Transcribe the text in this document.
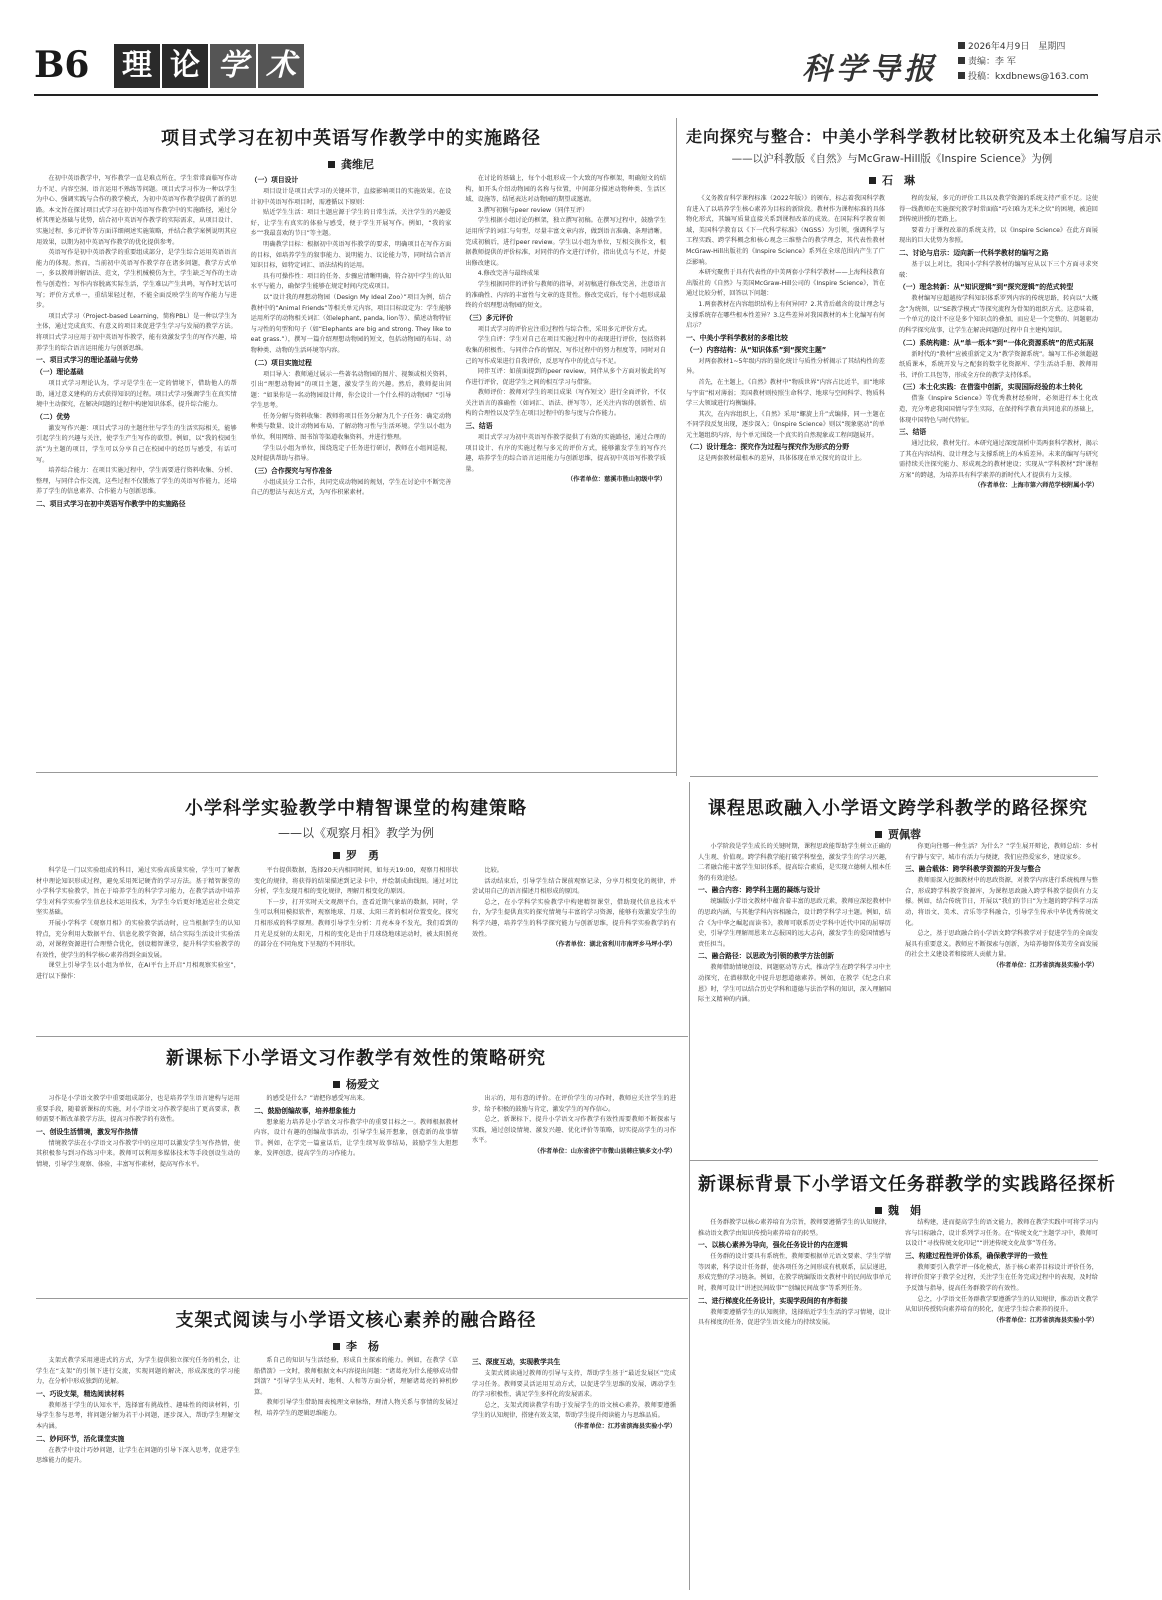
B6 理 论 学 术	科学导报
2026年4月9日　星期四
责编：李 军
投稿：kxdbnews@163.com
项目式学习在初中英语写作教学中的实施路径
龚维尼

在初中英语教学中，写作教学一直是难点所在，学生常常面临写作动力不足、内容空洞、语言运用不熟练等问题。项目式学习作为一种以学生为中心、强调实践与合作的教学模式，为初中英语写作教学提供了新的思路。本文旨在探讨项目式学习在初中英语写作教学中的实施路径，通过分析其理论基础与优势，结合初中英语写作教学的实际需求，从项目设计、实施过程、多元评价等方面详细阐述实施策略，并结合教学案例说明其应用效果，以期为初中英语写作教学的优化提供参考。

英语写作是初中英语教学的重要组成部分，是学生综合运用英语语言能力的体现。然而，当前初中英语写作教学存在诸多问题，教学方式单一，多以教师讲解语法、范文，学生机械模仿为主，学生缺乏写作的主动性与创造性；写作内容脱离实际生活，学生难以产生共鸣，写作时无话可写；评价方式单一，重结果轻过程，不能全面反映学生的写作能力与进步。

项目式学习（Project-based Learning，简称PBL）是一种以学生为主体，通过完成真实、有意义的项目来促进学生学习与发展的教学方法。将项目式学习应用于初中英语写作教学，能有效激发学生的写作兴趣，培养学生的综合语言运用能力与创新思维。

一、项目式学习的理论基础与优势
（一）理论基础

项目式学习理论认为，学习是学生在一定的情境下，借助他人的帮助，通过意义建构的方式获得知识的过程。项目式学习强调学生在真实情境中主动探究，在解决问题的过程中构建知识体系，提升综合能力。

（二）优势

激发写作兴趣：项目式学习的主题往往与学生的生活实际相关，能够引起学生的兴趣与关注，使学生产生写作的欲望。例如，以“我的校园生活”为主题的项目，学生可以分享自己在校园中的经历与感受，有话可写。

培养综合能力：在项目实施过程中，学生需要进行资料收集、分析、整理，与同伴合作交流，这些过程不仅锻炼了学生的英语写作能力，还培养了学生的信息素养、合作能力与创新思维。

二、项目式学习在初中英语写作教学中的实施路径
（一）项目设计

项目设计是项目式学习的关键环节，直接影响项目的实施效果。在设计初中英语写作项目时，需遵循以下原则：

贴近学生生活：项目主题应源于学生的日常生活，关注学生的兴趣爱好，让学生有真实的体验与感受，便于学生开展写作。例如，“我的家乡”“我最喜欢的节日”等主题。

明确教学目标：根据初中英语写作教学的要求，明确项目在写作方面的目标，如培养学生的叙事能力、说明能力、议论能力等，同时结合语言知识目标，如特定词汇、语法结构的运用。

具有可操作性：项目的任务、步骤应清晰明确，符合初中学生的认知水平与能力，确保学生能够在规定时间内完成项目。

以“设计我的理想动物园（Design My Ideal Zoo）”项目为例，结合教材中的“Animal Friends”等相关单元内容，项目目标设定为：学生能够运用所学的动物相关词汇（如elephant, panda, lion等）、描述动物特征与习性的句型和句子（如“Elephants are big and strong. They like to eat grass.”），撰写一篇介绍理想动物园的短文，包括动物园的布局、动物种类、动物的生活环境等内容。

（二）项目实施过程

项目导入：教师通过展示一些著名动物园的图片、视频或相关资料，引出“理想动物园”的项目主题，激发学生的兴趣。然后，教师提出问题：“如果你是一名动物园设计师，你会设计一个什么样的动物园？”引导学生思考。

任务分解与资料收集：教师将项目任务分解为几个子任务：确定动物种类与数量、设计动物园布局、了解动物习性与生活环境。学生以小组为单位，利用网络、图书馆等渠道收集资料，并进行整理。

学生以小组为单位，围绕选定子任务进行研讨，教师在小组间巡视，及时提供帮助与指导。

（三）合作探究与写作准备

小组成员分工合作，共同完成动物园的规划，学生在讨论中不断完善自己的想法与表达方式，为写作积累素材。

在讨论的基础上，每个小组形成一个大致的写作框架，明确短文的结构，如开头介绍动物园的名称与位置，中间部分描述动物种类、生活区域、设施等，结尾表达对动物园的期望或邀请。

3.撰写初稿与peer review（同伴互评）

学生根据小组讨论的框架，独立撰写初稿。在撰写过程中，鼓励学生运用所学的词汇与句型，尽量丰富文章内容，做到语言准确、条理清晰。完成初稿后，进行peer review。学生以小组为单位，互相交换作文，根据教师提供的评价标准，对同伴的作文进行评价，指出优点与不足，并提出修改建议。

4.修改完善与最终成果

学生根据同伴的评价与教师的指导，对初稿进行修改完善，注意语言的准确性、内容的丰富性与文章的连贯性。修改完成后，每个小组形成最终的介绍理想动物园的短文。

（三）多元评价

项目式学习的评价应注重过程性与综合性，采用多元评价方式。

学生自评：学生对自己在项目实施过程中的表现进行评价，包括资料收集的积极性、与同伴合作的情况、写作过程中的努力程度等，同时对自己的写作成果进行自我评价，反思写作中的优点与不足。

同伴互评：如前面提到的peer review，同伴从多个方面对彼此的写作进行评价，促进学生之间的相互学习与借鉴。

教师评价：教师对学生的项目成果（写作短文）进行全面评价，不仅关注语言的准确性（如词汇、语法、拼写等），还关注内容的创新性、结构的合理性以及学生在项目过程中的参与度与合作能力。

三、结语

项目式学习为初中英语写作教学提供了有效的实施路径，通过合理的项目设计、有序的实施过程与多元的评价方式，能够激发学生的写作兴趣，培养学生的综合语言运用能力与创新思维，提高初中英语写作教学质量。

（作者单位：慈溪市胜山初级中学）

走向探究与整合：中美小学科学教材比较研究及本土化编写启示
——以沪科教版《自然》与McGraw-Hill版《Inspire Science》为例
石　琳

《义务教育科学课程标准（2022年版）》的颁布，标志着我国科学教育进入了以培养学生核心素养为目标的新阶段。教材作为课程标准的具体物化形式，其编写质量直接关系到课程改革的成效。在国际科学教育领域，美国科学教育以《下一代科学标准》（NGSS）为引领，强调科学与工程实践、跨学科概念和核心观念三维整合的教学理念，其代表性教材McGraw-Hill出版社的《Inspire Science》系列在全球范围内产生了广泛影响。

本研究聚焦于具有代表性的中美两套小学科学教材——上海科技教育出版社的《自然》与美国McGraw-Hill公司的《Inspire Science》，旨在通过比较分析，回答以下问题：

1.两套教材在内容组织结构上有何异同？2.其背后蕴含的设计理念与支撑系统存在哪些根本性差异？3.这些差异对我国教材的本土化编写有何启示？

一、中美小学科学教材的多维比较
（一）内容结构：从“知识体系”到“探究主题”

对两套教材1~5年级内容的量化统计与质性分析揭示了其结构性的差异。

首先，在主题上，《自然》教材中“物质世界”内容占比近半，而“地球与宇宙”相对薄弱；美国教材则按照生命科学、地球与空间科学、物质科学三大领域进行均衡编排。

其次，在内容组织上，《自然》采用“螺旋上升”式编排，同一主题在不同学段反复出现，逐步深入；《Inspire Science》则以“现象驱动”的单元主题组织内容，每个单元围绕一个真实的自然现象或工程问题展开。

（二）设计理念：探究作为过程与探究作为形式的分野

这是两套教材最根本的差异，具体体现在单元探究的设计上。

程的发展，多元的评价工具以及教学资源的系统支持严重不足。这使得一线教师在实施探究教学时常面临“巧妇难为无米之炊”的困境，被迫回到传统讲授的老路上。

要着力于课程改革的系统支持，以《Inspire Science》在此方面展现出的巨大优势为参照。

二、讨论与启示：迈向新一代科学教材的编写之路

基于以上对比，我国小学科学教材的编写应从以下三个方面寻求突破：

（一）理念转新：从“知识逻辑”到“探究逻辑”的范式转型

教材编写应超越按学科知识体系罗列内容的传统思路，转向以“大概念”为统领，以“SE教学模式”等探究流程为骨架的组织方式。这意味着，一个单元的设计不应是多个知识点的叠加，而应是一个完整的、问题驱动的科学探究故事，让学生在解决问题的过程中自主建构知识。

（二）系统构建：从“单一纸本”到“一体化资源系统”的范式拓展

新时代的“教材”应被重新定义为“教学资源系统”。编写工作必须超越纸质课本，系统开发与之配套的数字化资源库、学生活动手册、教师用书、评价工具包等，形成全方位的教学支持体系。

（三）本土化实践：在借鉴中创新，实现国际经验的本土转化

借鉴《Inspire Science》等优秀教材经验时，必须进行本土化改造，充分考虑我国国情与学生实际，在保持科学教育共同追求的基础上，体现中国特色与时代特征。

三、结语

通过比较，教材先行。本研究通过深度剖析中美两套科学教材，揭示了其在内容结构、设计理念与支撑系统上的本质差异。未来的编写与研究需持续关注探究能力、形成观念的教材建设；实现从“学科教材”到“课程方案”的跨越，为培养具有科学素养的新时代人才提供有力支撑。

（作者单位：上海市第六师范学校附属小学）

小学科学实验教学中精智课堂的构建策略
——以《观察月相》教学为例
罗　勇

科学是一门以实验组成的科目，通过实验高质量实验，学生可了解教材中理论知识形成过程，避免采用死记硬背的学习方法。基于精智课堂的小学科学实验教学，旨在于培养学生的科学学习能力，在教学活动中培养学生对科学实验学生信息技术运用技术，为学生今后更好地适应社会奠定坚实基础。

开展小学科学《观察月相》的实验教学活动时，应当根据学生的认知特点，充分利用大数据平台、信息化教学资源，结合实际生活设计实验活动，对课程资源进行合理整合优化，创设精智课堂，提升科学实验教学的有效性，使学生的科学核心素养得到全面发展。

课堂上引导学生以小组为单位，在AI平台上开启“月相观察实验室”，进行以下操作：

平台提供数据，选择20天内相同时间，如每天19:00，观察月相形状变化的规律，将获得的结果描述到记录卡中，并绘制成曲线图。通过对比分析，学生发现月相的变化规律，理解月相变化的原因。

下一步，打开实时天文观测平台，查看近期气象站的数据，同时，学生可以利用模拟软件，观察地球、月球、太阳三者的相对位置变化，探究月相形成的科学原理。教师引导学生分析：月亮本身不发光，我们看到的月光是反射的太阳光，月相的变化是由于月球绕地球运动时，被太阳照亮的部分在不同角度下呈现的不同形状。

比较。

活动结束后，引导学生结合课前观察记录，分享月相变化的规律，并尝试用自己的语言描述月相形成的原因。

总之，在小学科学实验教学中构建精智课堂，借助现代信息技术平台，为学生提供真实的探究情境与丰富的学习资源，能够有效激发学生的科学兴趣，培养学生的科学探究能力与创新思维，提升科学实验教学的有效性。

（作者单位：湖北省利川市南坪乡马坪小学）

课程思政融入小学语文跨学科教学的路径探究
贾佩蓉

小学阶段是学生成长的关键时期，课程思政能帮助学生树立正确的人生观、价值观。跨学科教学能打破学科壁垒，激发学生的学习兴趣，二者融合能丰富学生知识体系，提高综合素质，是实现立德树人根本任务的有效途径。

一、融合内容：跨学科主题的凝练与设计

统编版小学语文教材中蕴含着丰富的思政元素，教师应深挖教材中的思政内涵，与其他学科内容相融合，设计跨学科学习主题。例如，结合《为中华之崛起而读书》，教师可联系历史学科中近代中国的屈辱历史，引导学生理解周恩来立志报国的远大志向，激发学生的爱国情感与责任担当。

二、融合路径：以思政为引领的教学方法创新

教师借助情境创设、问题驱动等方式，推动学生在跨学科学习中主动探究，在潜移默化中提升思想道德素养。例如，在教学《纪念白求恩》时，学生可以结合历史学科和道德与法治学科的知识，深入理解国际主义精神的内涵。

你更向往哪一种生活？为什么？”学生展开辩论，教师总结：乡村有宁静与安宁，城市有活力与便捷，我们应热爱家乡，建设家乡。

三、融合载体：跨学科教学资源的开发与整合

教师需深入挖掘教材中的思政资源，对教学内容进行系统梳理与整合，形成跨学科教学资源库，为课程思政融入跨学科教学提供有力支撑。例如，结合传统节日，开展以“我们的节日”为主题的跨学科学习活动，将语文、美术、音乐等学科融合，引导学生传承中华优秀传统文化。

总之，基于思政融合的小学语文跨学科教学对于促进学生的全面发展具有重要意义。教师应不断探索与创新，为培养德智体美劳全面发展的社会主义建设者和接班人贡献力量。

（作者单位：江苏省滨海县实验小学）

新课标下小学语文习作教学有效性的策略研究
杨爱文

习作是小学语文教学中重要组成部分，也是培养学生语言建构与运用重要手段，随着新课标的实施，对小学语文习作教学提出了更高要求，教师需要不断改革教学方法，提高习作教学的有效性。

一、创设生活情境，激发写作热情

情境教学法在小学语文习作教学中的应用可以激发学生写作热情，使其积极参与到习作练习中来。教师可以利用多媒体技术等手段创设生动的情境，引导学生观察、体验，丰富写作素材，提高写作水平。

的感受是什么？”请把你感受写出来。

二、鼓励创编故事，培养想象能力

想象能力培养是小学语文习作教学中的重要目标之一。教师根据教材内容，设计有趣的创编故事活动，引导学生展开想象，创造新的故事情节。例如，在学完一篇童话后，让学生续写故事结局，鼓励学生大胆想象，发挥创意，提高学生的习作能力。

出示的，用有意的评价。在评价学生的习作时，教师应关注学生的进步，给予积极的鼓励与肯定，激发学生的写作信心。

总之，新课标下，提升小学语文习作教学有效性需要教师不断探索与实践，通过创设情境、激发兴趣、优化评价等策略，切实提高学生的习作水平。

（作者单位：山东省济宁市微山县韩庄镇多文小学）

新课标背景下小学语文任务群教学的实践路径探析
魏　娟

任务群教学以核心素养培育为宗旨，教师要遵循学生的认知规律，推动语文教学由知识传授向素养培育的转型。

一、以核心素养为导向，强化任务设计的内在逻辑

任务群的设计要具有系统性，教师要根据单元语文要素、学生学情等因素，科学设计任务群，使各项任务之间形成有机联系，层层递进，形成完整的学习链条。例如，在教学统编版语文教材中的民间故事单元时，教师可设计“讲述民间故事”“创编民间故事”等系列任务。

二、进行梯度化任务设计，实现学段间的有序衔接

教师要遵循学生的认知规律，选择贴近学生生活的学习情境，设计具有梯度的任务，促进学生语文能力的持续发展。

结构建，进而提高学生的语文能力，教师在教学实践中可将学习内容与目标融合，设计系列学习任务。在“传统文化”主题学习中，教师可以设计“寻找传统文化印记”“讲述传统文化故事”等任务。

三、构建过程性评价体系，确保教学评的一致性

教师要引入教学评一体化模式，基于核心素养目标设计评价任务，将评价贯穿于教学全过程，关注学生在任务完成过程中的表现，及时给予反馈与指导，提高任务群教学的有效性。

总之，小学语文任务群教学要遵循学生的认知规律，推动语文教学从知识传授转向素养培育的转化，促进学生综合素养的提升。

（作者单位：江苏省滨海县实验小学）

支架式阅读与小学语文核心素养的融合路径
李　杨

支架式教学采用递进式的方式，为学生提供独立探究任务的机会，让学生在“支架”的引领下进行交流，实现问题的解决，形成深度的学习能力，在分析中形成独到的见解。

一、巧设支架，精选阅读材料

教师基于学生的认知水平，选择富有挑战性、趣味性的阅读材料，引导学生参与思考，将问题分解为若干小问题，逐步深入，帮助学生理解文本内涵。

二、妙问环节，活化课堂实施

在教学中设计巧妙问题，让学生在问题的引导下深入思考，促进学生思维能力的提升。

系自己的知识与生活经验，形成自主探索的能力。例如，在教学《草船借箭》一文时，教师根据文本内容提出问题：“诸葛亮为什么能够成功借到箭？”引导学生从天时、地利、人和等方面分析，理解诸葛亮的神机妙算。

教师引导学生借助图表梳理文章脉络，理清人物关系与事情的发展过程，培养学生的逻辑思维能力。

三、深度互动，实现教学共生

支架式阅读通过教师的引导与支持，帮助学生基于“最近发展区”完成学习任务。教师要灵活运用互动方式，以促进学生思维的发展，调动学生的学习积极性，满足学生多样化的发展需求。

总之，支架式阅读教学有助于发展学生的语文核心素养，教师要遵循学生的认知规律，搭建有效支架，帮助学生提升阅读能力与思维品质。

（作者单位：江苏省滨海县实验小学）
